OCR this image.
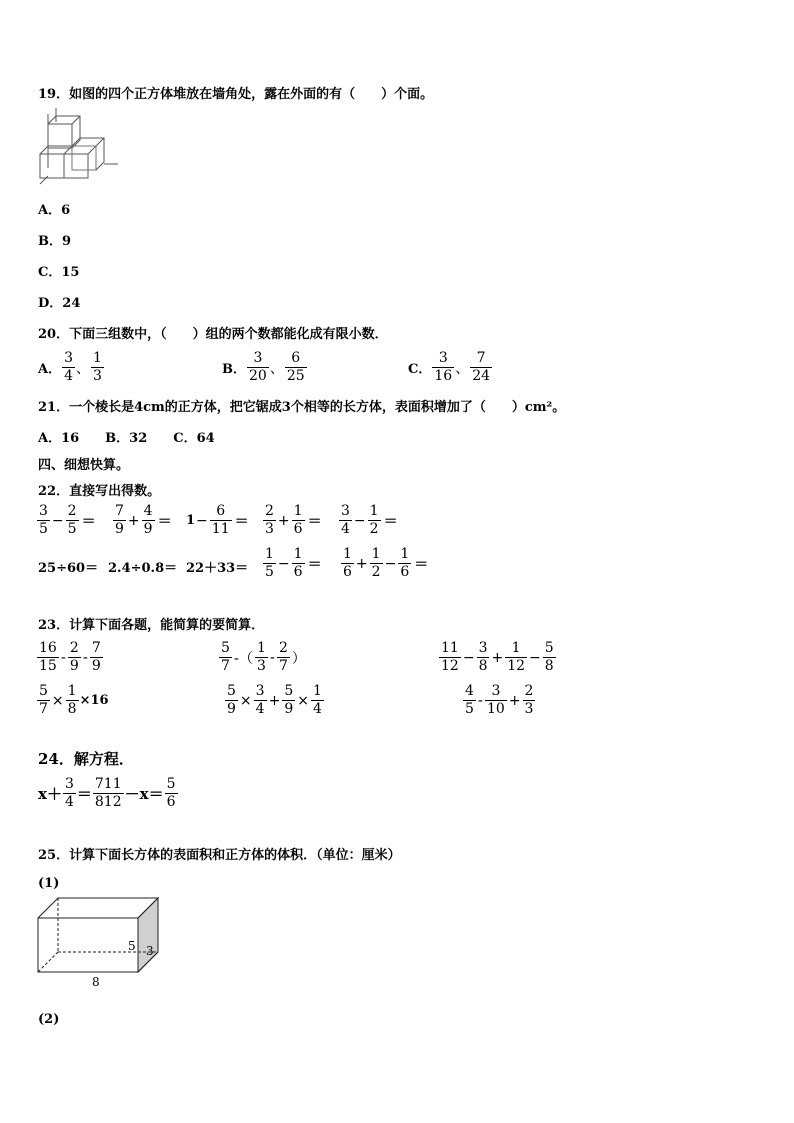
19．如图的四个正方体堆放在墙角处，露在外面的有（　　）个面。
A．6
B．9
C．15
D．24
20．下面三组数中，（　　）组的两个数都能化成有限小数．
A． $\frac{3}{4}$ 、 $\frac{1}{3}$	B． $\frac{3}{20}$ 、 $\frac{6}{25}$	C． $\frac{3}{16}$ 、 $\frac{7}{24}$
21．一个棱长是4cm的正方体，把它锯成3个相等的长方体，表面积增加了（　　）cm²。
A．16　　B．32　　C．64
四、细想快算。
22．直接写出得数。
$\frac{3}{5} - \frac{2}{5} = \frac{7}{9} + \frac{4}{9} = 1 - \frac{6}{11} = \frac{2}{3} + \frac{1}{6} = \frac{3}{4} - \frac{1}{2}$ ＝
$25\div 60= 2.4\div 0.8= 22+33= \frac{1}{5} - \frac{1}{6} = \frac{1}{6} + \frac{1}{2} - \frac{1}{6}$ ＝
23．计算下面各题，能简算的要简算．
$\frac{16}{15} - \frac{2}{9} - \frac{7}{9}$	$\frac{5}{7}$ -（ $\frac{1}{3} - \frac{2}{7}$ ）	$\frac{11}{12} - \frac{3}{8} + \frac{1}{12} - \frac{5}{8}$
$\frac{5}{7} \times \frac{1}{8} \times 16$	$\frac{5}{9} \times \frac{3}{4} + \frac{5}{9} \times \frac{1}{4}$	$\frac{4}{5} - \frac{3}{10} + \frac{2}{3}$
24．解方程．
$x+ \frac{3}{4} = \frac{711}{812} -x= \frac{5}{6}$
25．计算下面长方体的表面积和正方体的体积．（单位：厘米）
(1)
5 3
8
(2)
